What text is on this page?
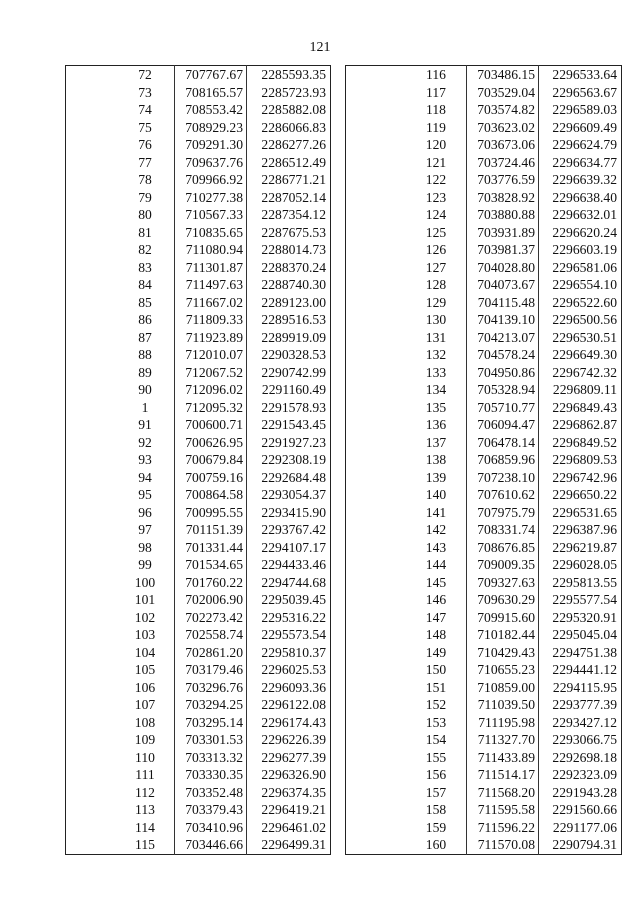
121
	72	707767.67	2285593.35
	73	708165.57	2285723.93
	74	708553.42	2285882.08
	75	708929.23	2286066.83
	76	709291.30	2286277.26
	77	709637.76	2286512.49
	78	709966.92	2286771.21
	79	710277.38	2287052.14
	80	710567.33	2287354.12
	81	710835.65	2287675.53
	82	711080.94	2288014.73
	83	711301.87	2288370.24
	84	711497.63	2288740.30
	85	711667.02	2289123.00
	86	711809.33	2289516.53
	87	711923.89	2289919.09
	88	712010.07	2290328.53
	89	712067.52	2290742.99
	90	712096.02	2291160.49
	1	712095.32	2291578.93
	91	700600.71	2291543.45
	92	700626.95	2291927.23
	93	700679.84	2292308.19
	94	700759.16	2292684.48
	95	700864.58	2293054.37
	96	700995.55	2293415.90
	97	701151.39	2293767.42
	98	701331.44	2294107.17
	99	701534.65	2294433.46
	100	701760.22	2294744.68
	101	702006.90	2295039.45
	102	702273.42	2295316.22
	103	702558.74	2295573.54
	104	702861.20	2295810.37
	105	703179.46	2296025.53
	106	703296.76	2296093.36
	107	703294.25	2296122.08
	108	703295.14	2296174.43
	109	703301.53	2296226.39
	110	703313.32	2296277.39
	111	703330.35	2296326.90
	112	703352.48	2296374.35
	113	703379.43	2296419.21
	114	703410.96	2296461.02
	115	703446.66	2296499.31
	116	703486.15	2296533.64
	117	703529.04	2296563.67
	118	703574.82	2296589.03
	119	703623.02	2296609.49
	120	703673.06	2296624.79
	121	703724.46	2296634.77
	122	703776.59	2296639.32
	123	703828.92	2296638.40
	124	703880.88	2296632.01
	125	703931.89	2296620.24
	126	703981.37	2296603.19
	127	704028.80	2296581.06
	128	704073.67	2296554.10
	129	704115.48	2296522.60
	130	704139.10	2296500.56
	131	704213.07	2296530.51
	132	704578.24	2296649.30
	133	704950.86	2296742.32
	134	705328.94	2296809.11
	135	705710.77	2296849.43
	136	706094.47	2296862.87
	137	706478.14	2296849.52
	138	706859.96	2296809.53
	139	707238.10	2296742.96
	140	707610.62	2296650.22
	141	707975.79	2296531.65
	142	708331.74	2296387.96
	143	708676.85	2296219.87
	144	709009.35	2296028.05
	145	709327.63	2295813.55
	146	709630.29	2295577.54
	147	709915.60	2295320.91
	148	710182.44	2295045.04
	149	710429.43	2294751.38
	150	710655.23	2294441.12
	151	710859.00	2294115.95
	152	711039.50	2293777.39
	153	711195.98	2293427.12
	154	711327.70	2293066.75
	155	711433.89	2292698.18
	156	711514.17	2292323.09
	157	711568.20	2291943.28
	158	711595.58	2291560.66
	159	711596.22	2291177.06
	160	711570.08	2290794.31
